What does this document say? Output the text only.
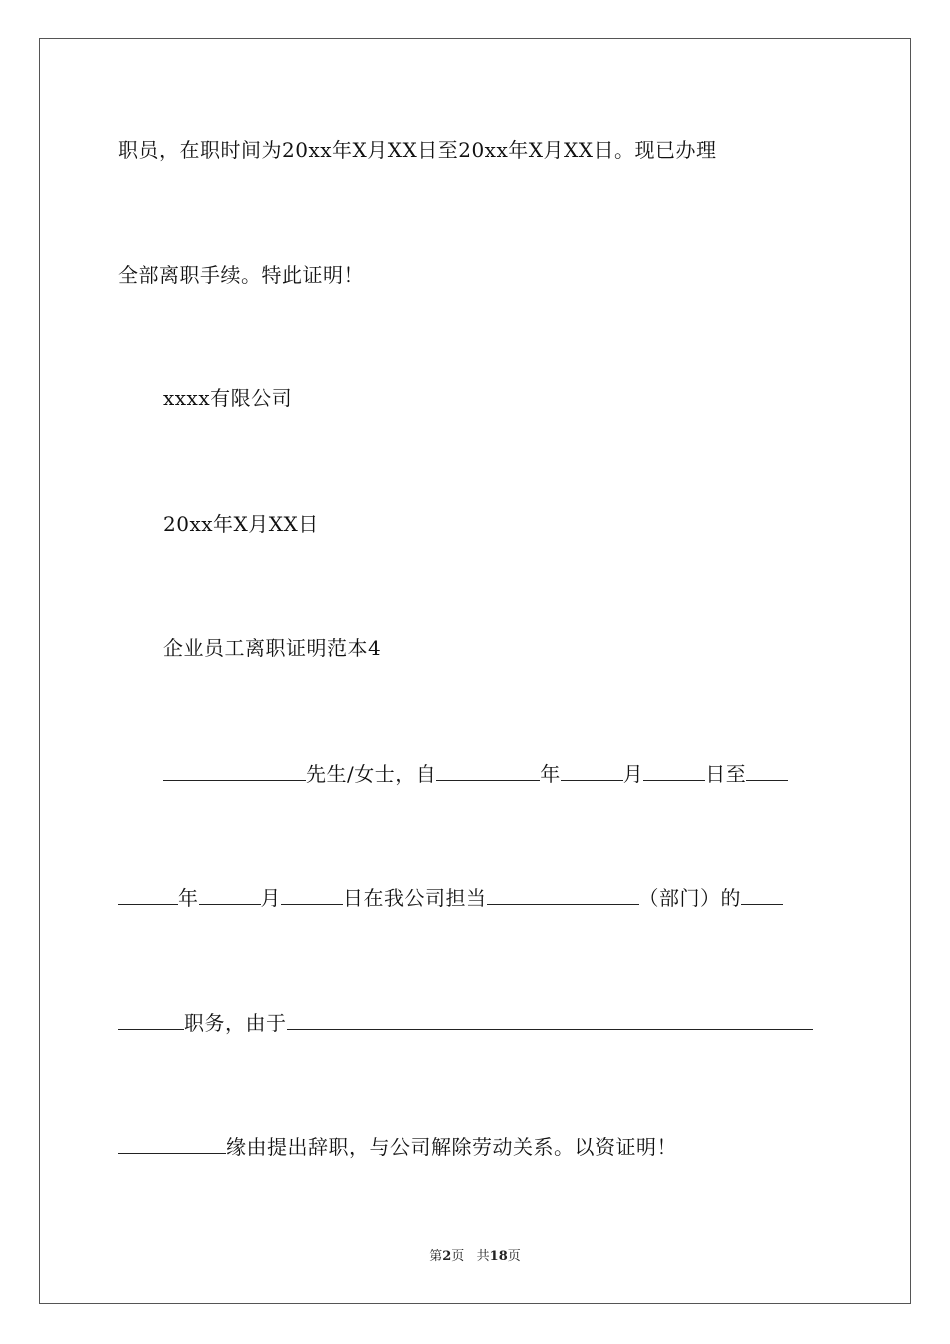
职员，在职时间为20xx年X月XX日至20xx年X月XX日。现已办理
全部离职手续。特此证明！
xxxx有限公司
20xx年X月XX日
企业员工离职证明范本4
先生/女士，自	年	月	日至
年	月	日在我公司担当	（部门）的
职务，由于
缘由提出辞职，与公司解除劳动关系。以资证明！
第2页   共18页
